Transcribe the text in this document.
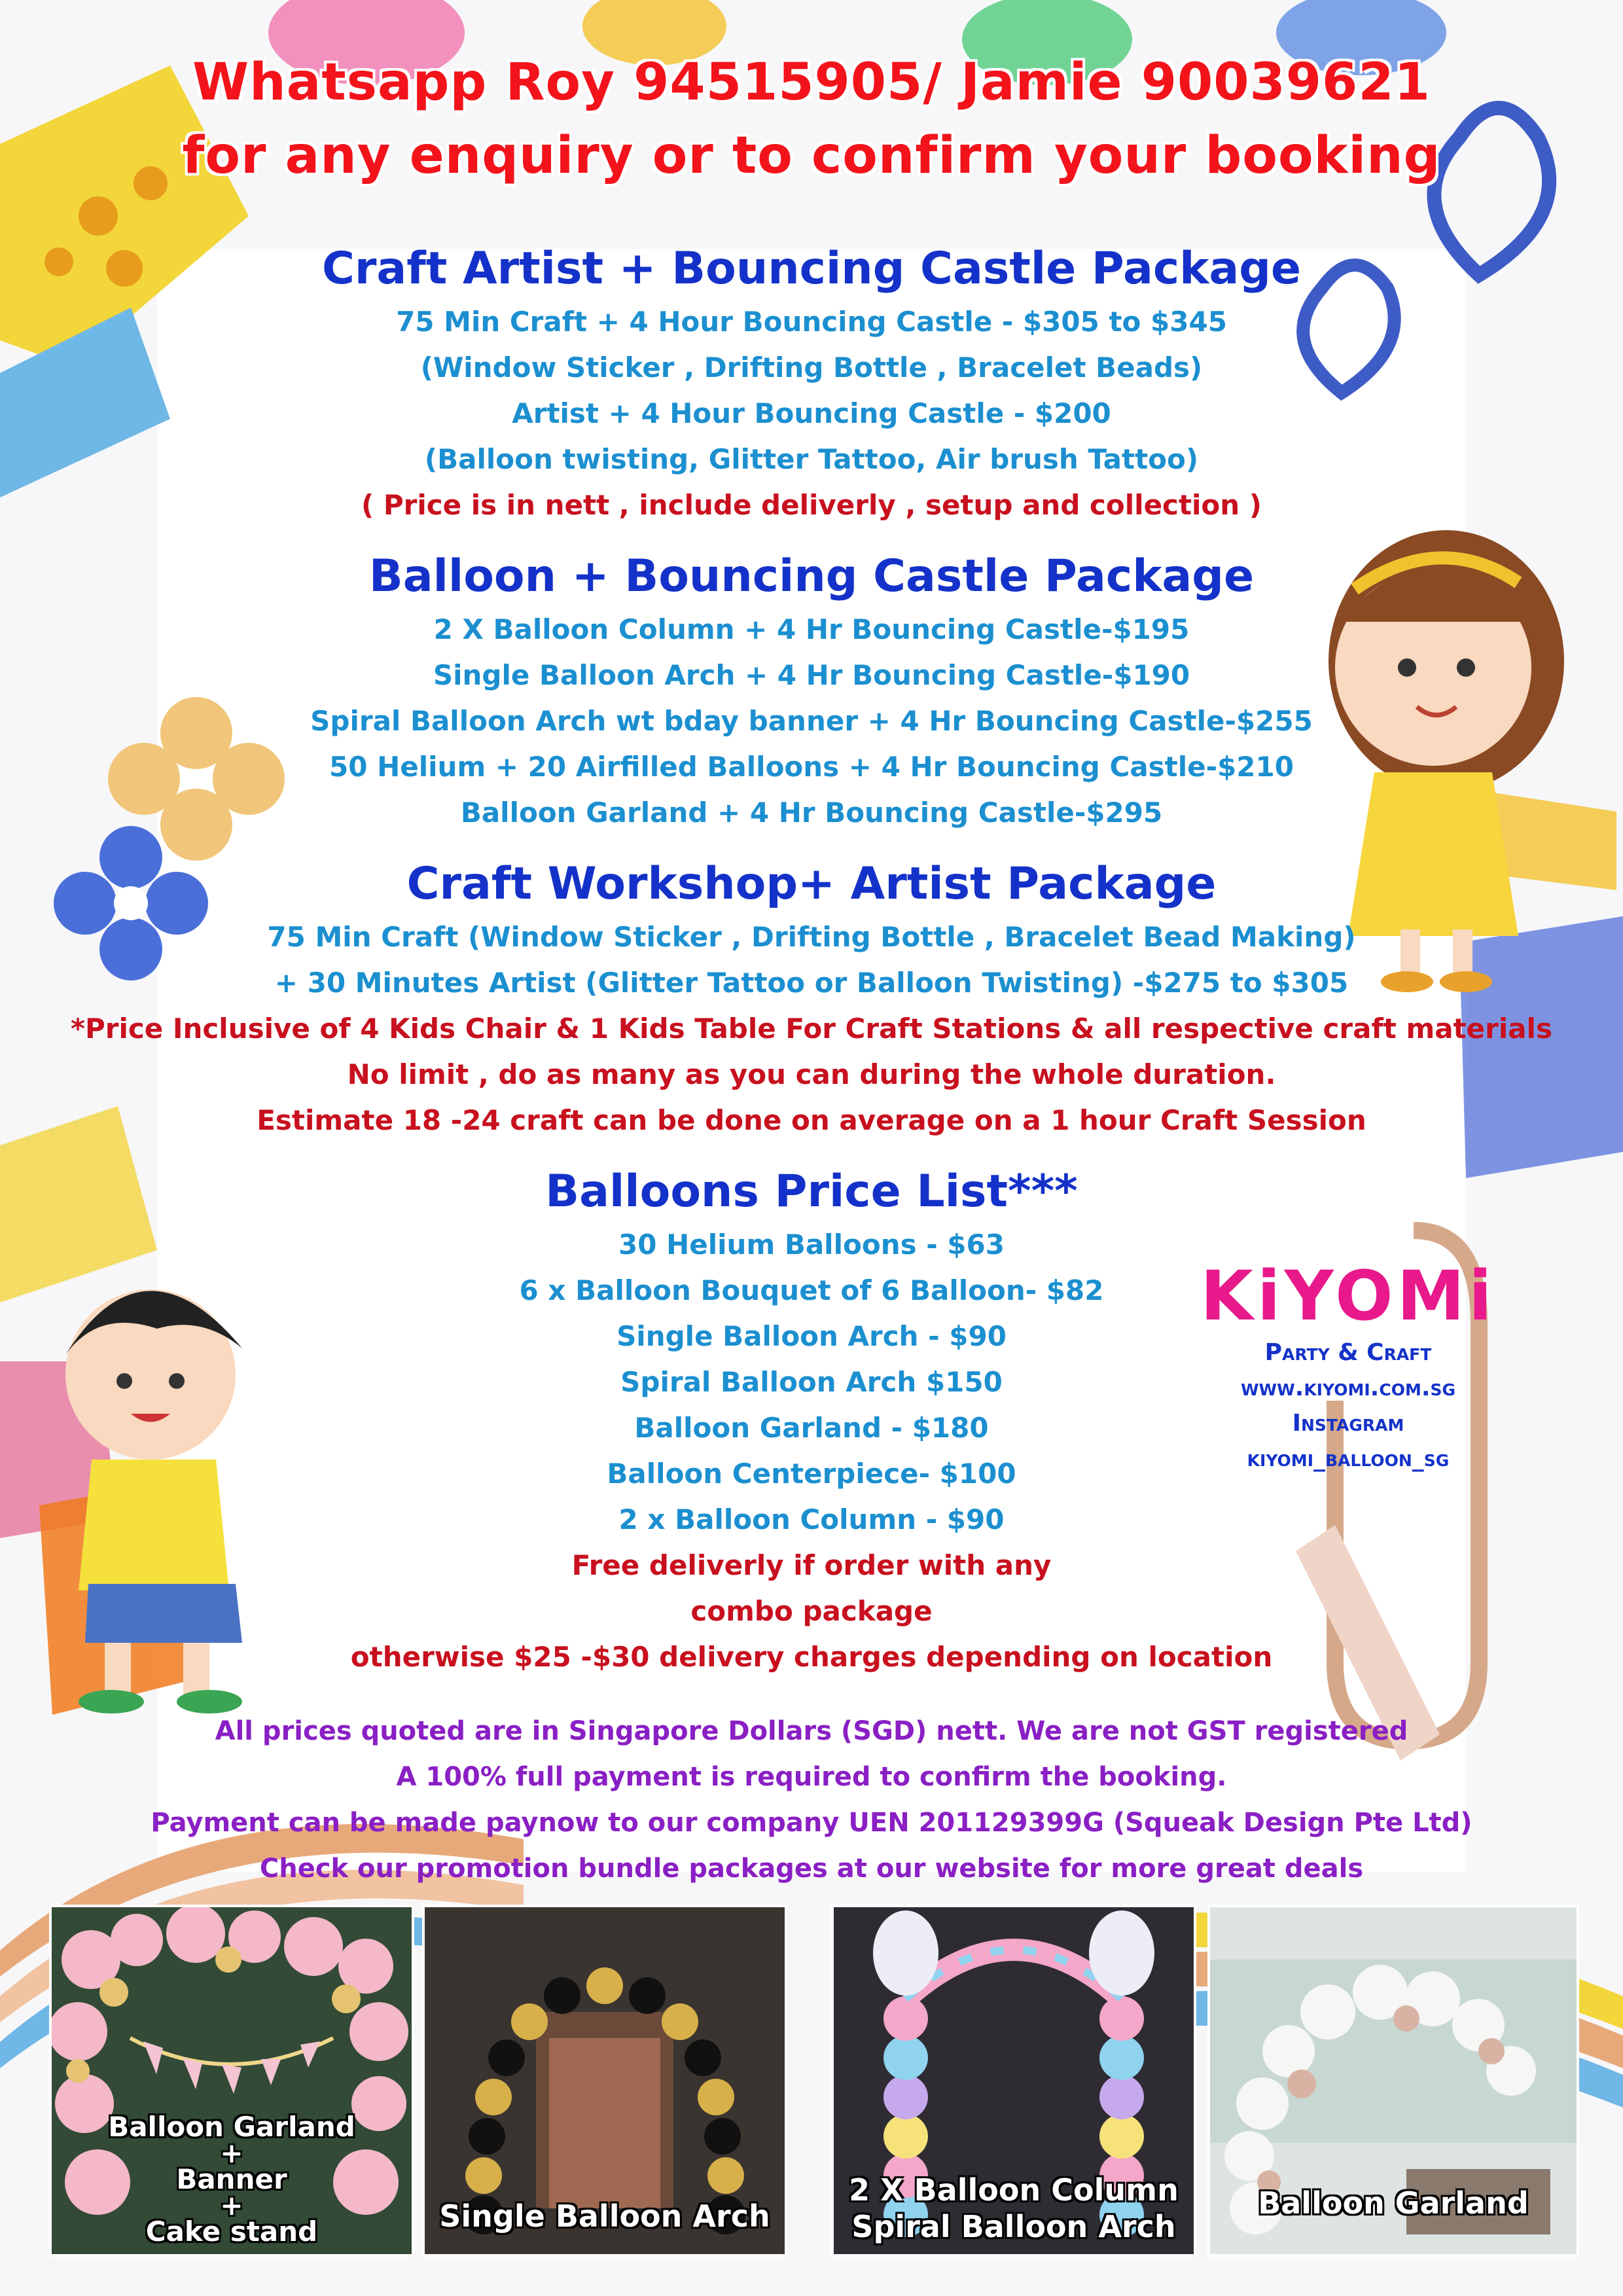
Whatsapp Roy 94515905/ Jamie 90039621
for any enquiry or to confirm your booking
Craft Artist + Bouncing Castle Package
75 Min Craft + 4 Hour Bouncing Castle - $305 to $345
(Window Sticker , Drifting Bottle , Bracelet Beads)
Artist + 4 Hour Bouncing Castle - $200
(Balloon twisting, Glitter Tattoo, Air brush Tattoo)
( Price is in nett , include deliverly , setup and collection )
Balloon + Bouncing Castle Package
2 X Balloon Column + 4 Hr Bouncing Castle-$195
Single Balloon Arch + 4 Hr Bouncing Castle-$190
Spiral Balloon Arch wt bday banner + 4 Hr Bouncing Castle-$255
50 Helium + 20 Airfilled Balloons + 4 Hr Bouncing Castle-$210
Balloon Garland + 4 Hr Bouncing Castle-$295
Craft Workshop+ Artist Package
75 Min Craft (Window Sticker , Drifting Bottle , Bracelet Bead Making)
+ 30 Minutes Artist (Glitter Tattoo or Balloon Twisting) -$275 to $305
*Price Inclusive of 4 Kids Chair & 1 Kids Table For Craft Stations & all respective craft materials
No limit , do as many as you can during the whole duration.
Estimate 18 -24 craft can be done on average on a 1 hour Craft Session
Balloons Price List***
30 Helium Balloons - $63
6 x Balloon Bouquet of 6 Balloon- $82
Single Balloon Arch - $90
Spiral Balloon Arch $150
Balloon Garland - $180
Balloon Centerpiece- $100
2 x Balloon Column - $90
Free deliverly if order with any
combo package
otherwise $25 -$30 delivery charges depending on location
All prices quoted are in Singapore Dollars (SGD) nett. We are not GST registered
A 100% full payment is required to confirm the booking.
Payment can be made paynow to our company UEN 201129399G (Squeak Design Pte Ltd)
Check our promotion bundle packages at our website for more great deals
KiYOMi
Party & Craft
www.kiyomi.com.sg
Instagram
kiyomi_balloon_sg
Balloon Garland
+
Banner
+
Cake stand	Single Balloon Arch
2 X Balloon Column
Spiral Balloon Arch
Balloon Garland
